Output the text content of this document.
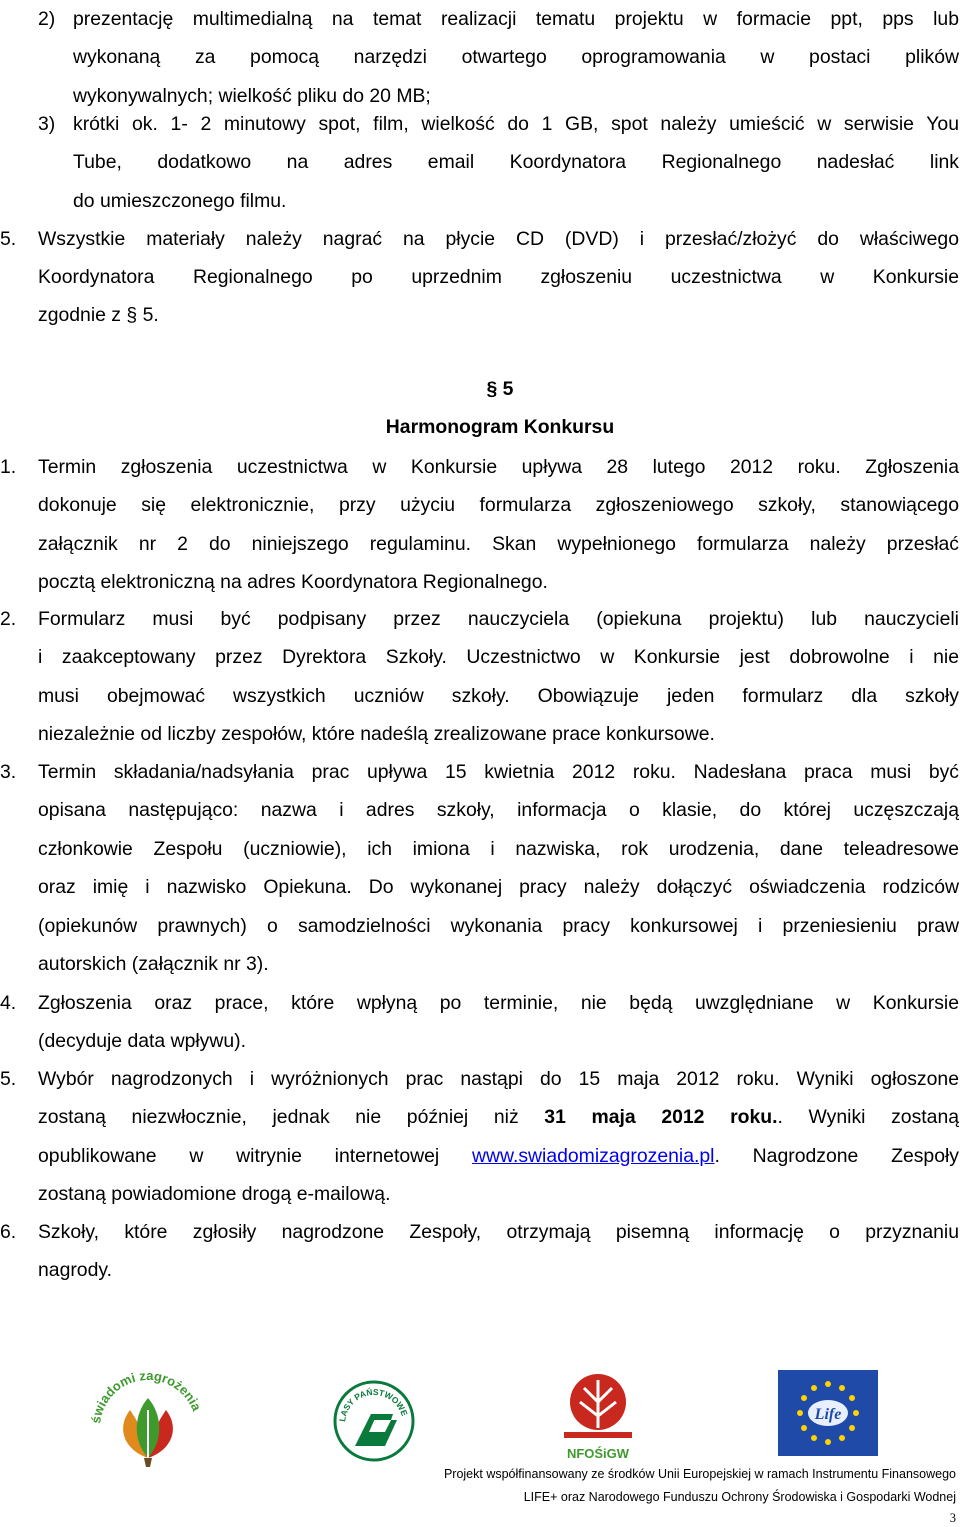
2) prezentację multimedialną na temat realizacji tematu projektu w formacie ppt, pps lub
wykonaną za pomocą narzędzi otwartego oprogramowania w postaci plików
wykonywalnych; wielkość pliku do 20 MB;
3) krótki ok. 1- 2 minutowy spot, film, wielkość do 1 GB, spot należy umieścić w serwisie You
Tube, dodatkowo na adres email Koordynatora Regionalnego nadesłać link
do umieszczonego filmu.
5. Wszystkie materiały należy nagrać na płycie CD (DVD) i przesłać/złożyć do właściwego
Koordynatora Regionalnego po uprzednim zgłoszeniu uczestnictwa w Konkursie
zgodnie z § 5.
§ 5
Harmonogram Konkursu
1. Termin zgłoszenia uczestnictwa w Konkursie upływa 28 lutego 2012 roku. Zgłoszenia
dokonuje się elektronicznie, przy użyciu formularza zgłoszeniowego szkoły, stanowiącego
załącznik nr 2 do niniejszego regulaminu. Skan wypełnionego formularza należy przesłać
pocztą elektroniczną na adres Koordynatora Regionalnego.
2. Formularz musi być podpisany przez nauczyciela (opiekuna projektu) lub nauczycieli
i zaakceptowany przez Dyrektora Szkoły. Uczestnictwo w Konkursie jest dobrowolne i nie
musi obejmować wszystkich uczniów szkoły. Obowiązuje jeden formularz dla szkoły
niezależnie od liczby zespołów, które nadeślą zrealizowane prace konkursowe.
3. Termin składania/nadsyłania prac upływa 15 kwietnia 2012 roku. Nadesłana praca musi być
opisana następująco: nazwa i adres szkoły, informacja o klasie, do której uczęszczają
członkowie Zespołu (uczniowie), ich imiona i nazwiska, rok urodzenia, dane teleadresowe
oraz imię i nazwisko Opiekuna. Do wykonanej pracy należy dołączyć oświadczenia rodziców
(opiekunów prawnych) o samodzielności wykonania pracy konkursowej i przeniesieniu praw
autorskich (załącznik nr 3).
4. Zgłoszenia oraz prace, które wpłyną po terminie, nie będą uwzględniane w Konkursie
(decyduje data wpływu).
5. Wybór nagrodzonych i wyróżnionych prac nastąpi do 15 maja 2012 roku. Wyniki ogłoszone
zostaną niezwłocznie, jednak nie później niż 31 maja 2012 roku.. Wyniki zostaną
opublikowane w witrynie internetowej www.swiadomizagrozenia.pl. Nagrodzone Zespoły
zostaną powiadomione drogą e-mailową.
6. Szkoły, które zgłosiły nagrodzone Zespoły, otrzymają pisemną informację o przyznaniu
nagrody.
świadomi zagrożenia
LASY PAŃSTWOWE
NFOŚiGW
Life
Projekt współfinansowany ze środków Unii Europejskiej w ramach Instrumentu Finansowego
LIFE+ oraz Narodowego Funduszu Ochrony Środowiska i Gospodarki Wodnej
3
